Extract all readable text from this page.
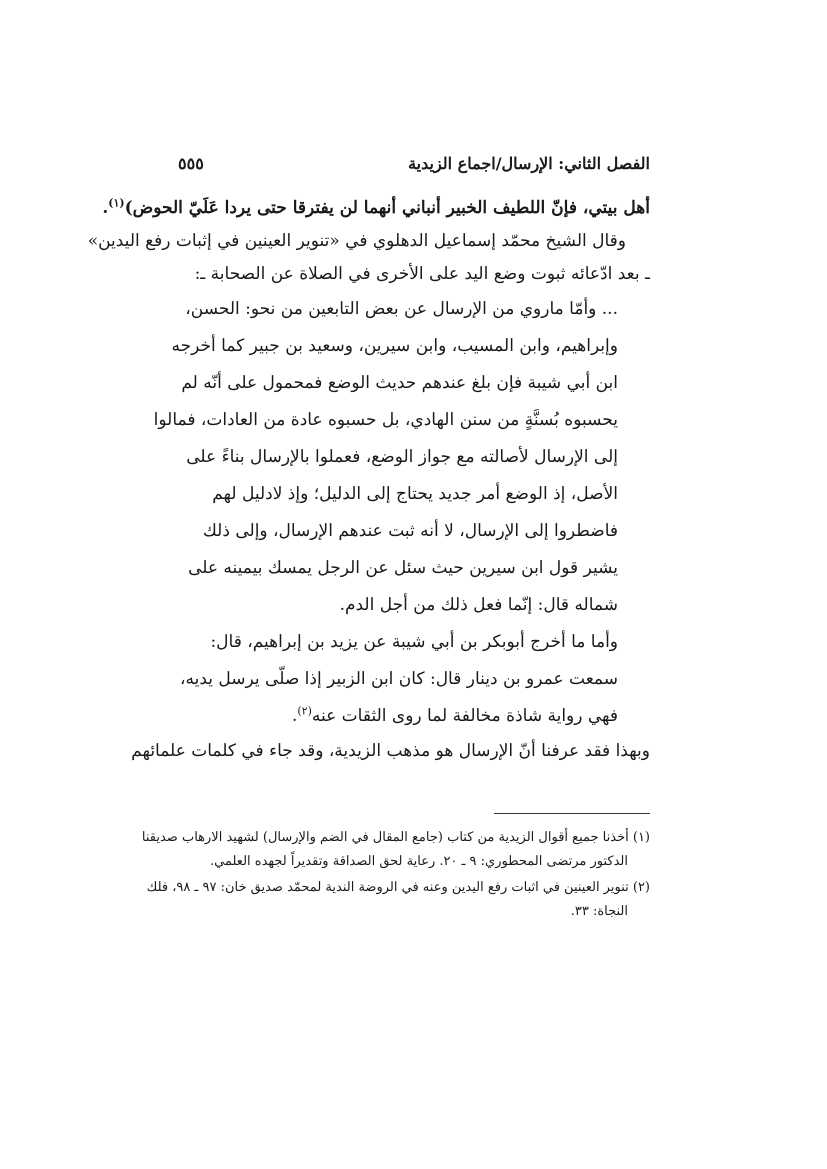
الفصل الثاني: الإرسال/اجماع الزيدية
٥٥٥
أهل بيتي، فإنّ اللطيف الخبير أنباني أنهما لن يفترقا حتى يردا عَلَيّ الحوض)$^{(١)}$.
وقال الشيخ محمّد إسماعيل الدهلوي في «تنوير العينين في إثبات رفع اليدين»
ـ بعد ادّعائه ثبوت وضع اليد على الأخرى في الصلاة عن الصحابة ـ:
... وأمّا ماروي من الإرسال عن بعض التابعين من نحو: الحسن،
وإبراهيم، وابن المسيب، وابن سيرين، وسعيد بن جبير كما أخرجه
ابن أبي شيبة فإن بلغ عندهم حديث الوضع فمحمول على أنّه لم
يحسبوه بُسنَّةٍ من سنن الهادي، بل حسبوه عادة من العادات، فمالوا
إلى الإرسال لأصالته مع جواز الوضع، فعملوا بالإرسال بناءً على
الأصل، إذ الوضع أمر جديد يحتاج إلى الدليل؛ وإذ لادليل لهم
فاضطروا إلى الإرسال، لا أنه ثبت عندهم الإرسال، وإلى ذلك
يشير قول ابن سيرين حيث سئل عن الرجل يمسك بيمينه على
شماله قال: إنّما فعل ذلك من أجل الدم.
وأما ما أخرج أبوبكر بن أبي شيبة عن يزيد بن إبراهيم، قال:
سمعت عمرو بن دينار قال: كان ابن الزبير إذا صلّى يرسل يديه،
فهي رواية شاذة مخالفة لما روى الثقات عنه$^{(٢)}$.
وبهذا فقد عرفنا أنّ الإرسال هو مذهب الزيدية، وقد جاء في كلمات علمائهم
(١) أخذنا جميع أقوال الزيدية من كتاب (جامع المقال في الضم والإرسال) لشهيد الارهاب صديقنا
الدكتور مرتضى المحطوري: ٩ ـ ٢٠. رعاية لحق الصداقة وتقديراً لجهده العلمي.
(٢) تنوير العينين في اثبات رفع اليدين وعنه في الروضة الندية لمحمّد صديق خان: ٩٧ ـ ٩٨، فلك
النجاة: ٣٣.
